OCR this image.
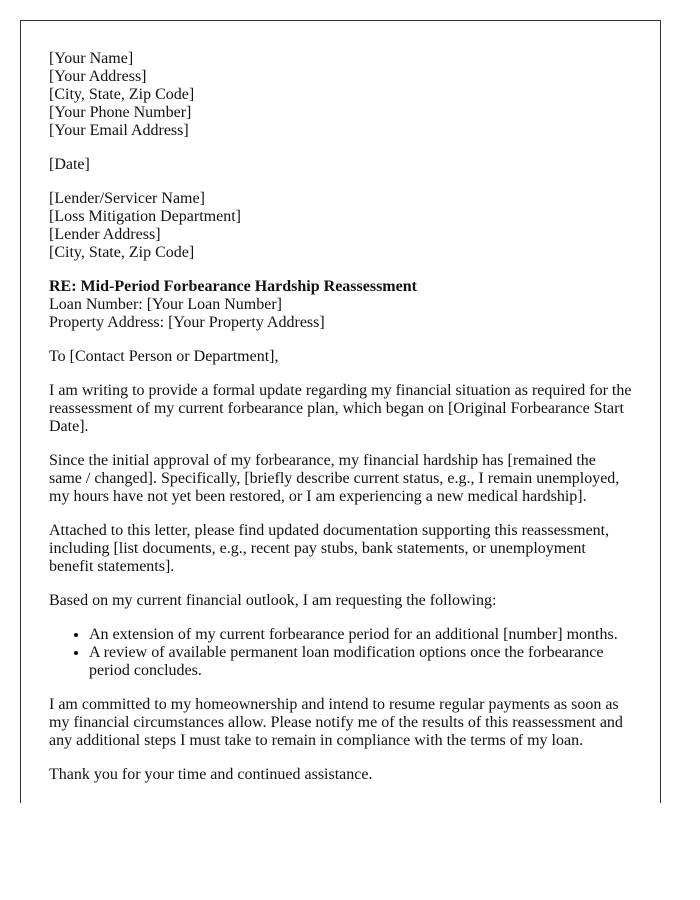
[Your Name]
[Your Address]
[City, State, Zip Code]
[Your Phone Number]
[Your Email Address]

[Date]

[Lender/Servicer Name]
[Loss Mitigation Department]
[Lender Address]
[City, State, Zip Code]

RE: Mid-Period Forbearance Hardship Reassessment
Loan Number: [Your Loan Number]
Property Address: [Your Property Address]

To [Contact Person or Department],

I am writing to provide a formal update regarding my financial situation as required for the reassessment of my current forbearance plan, which began on [Original Forbearance Start Date].

Since the initial approval of my forbearance, my financial hardship has [remained the same / changed]. Specifically, [briefly describe current status, e.g., I remain unemployed, my hours have not yet been restored, or I am experiencing a new medical hardship].

Attached to this letter, please find updated documentation supporting this reassessment, including [list documents, e.g., recent pay stubs, bank statements, or unemployment benefit statements].

Based on my current financial outlook, I am requesting the following:

• An extension of my current forbearance period for an additional [number] months.
• A review of available permanent loan modification options once the forbearance period concludes.

I am committed to my homeownership and intend to resume regular payments as soon as my financial circumstances allow. Please notify me of the results of this reassessment and any additional steps I must take to remain in compliance with the terms of my loan.

Thank you for your time and continued assistance.
